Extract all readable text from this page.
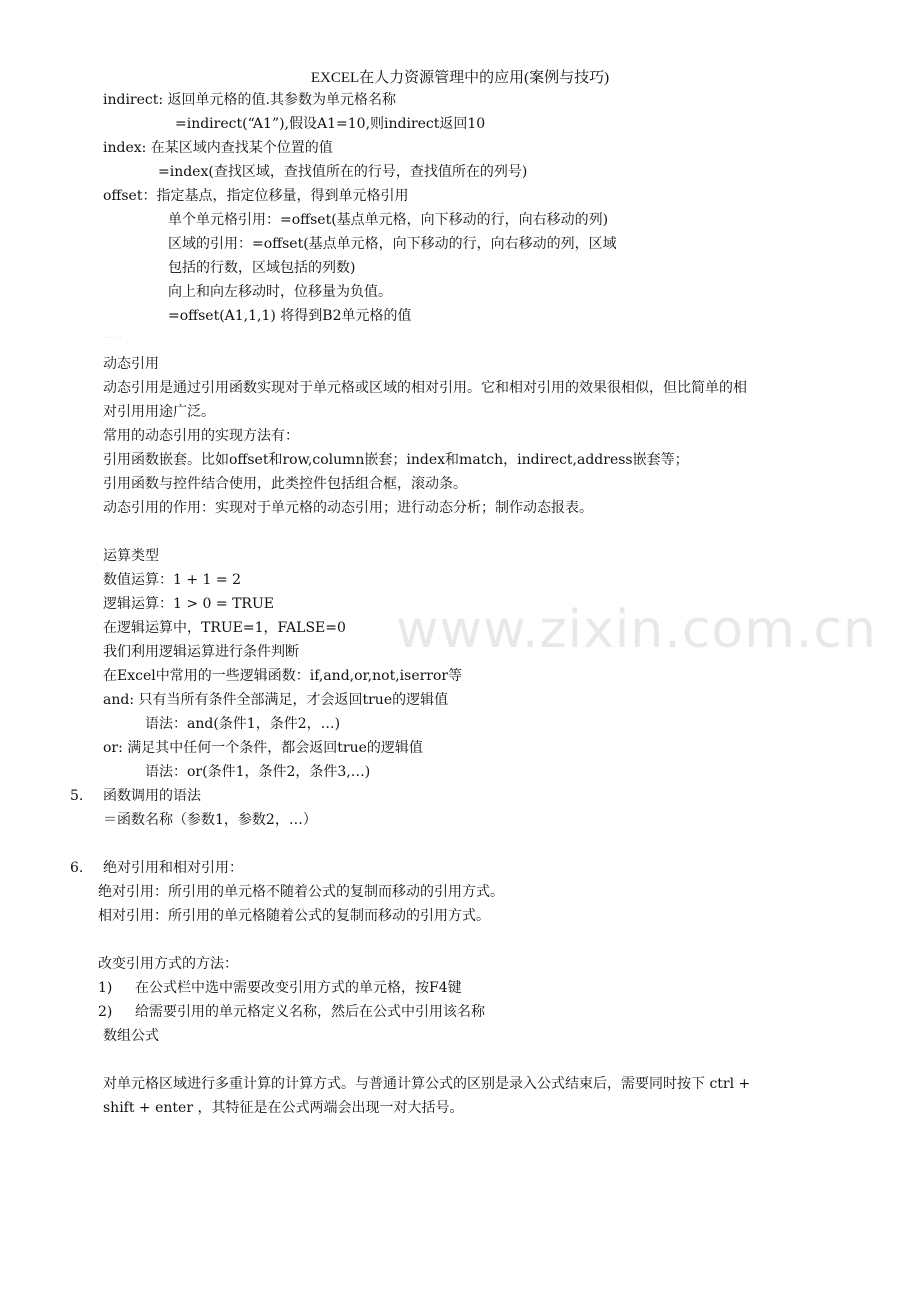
EXCEL在人力资源管理中的应用(案例与技巧)
indirect: 返回单元格的值.其参数为单元格名称
=indirect(“A1”),假设A1=10,则indirect返回10
index: 在某区域内查找某个位置的值
=index(查找区域，查找值所在的行号，查找值所在的列号)
offset：指定基点，指定位移量，得到单元格引用
单个单元格引用：=offset(基点单元格，向下移动的行，向右移动的列)
区域的引用：=offset(基点单元格，向下移动的行，向右移动的列，区域
包括的行数，区域包括的列数)
向上和向左移动时，位移量为负值。
=offset(A1,1,1) 将得到B2单元格的值
······
动态引用
动态引用是通过引用函数实现对于单元格或区域的相对引用。它和相对引用的效果很相似，但比简单的相
对引用用途广泛。
常用的动态引用的实现方法有：
引用函数嵌套。比如offset和row,column嵌套；index和match，indirect,address嵌套等；
引用函数与控件结合使用，此类控件包括组合框，滚动条。
动态引用的作用：实现对于单元格的动态引用；进行动态分析；制作动态报表。
运算类型
数值运算：1 + 1 = 2
逻辑运算：1 > 0 = TRUE
在逻辑运算中，TRUE=1，FALSE=0
我们利用逻辑运算进行条件判断
在Excel中常用的一些逻辑函数：if,and,or,not,iserror等
and: 只有当所有条件全部满足，才会返回true的逻辑值
语法：and(条件1，条件2，…)
or: 满足其中任何一个条件，都会返回true的逻辑值
语法：or(条件1，条件2，条件3,…)
5. 函数调用的语法
＝函数名称（参数1，参数2，…）
6. 绝对引用和相对引用：
绝对引用：所引用的单元格不随着公式的复制而移动的引用方式。
相对引用：所引用的单元格随着公式的复制而移动的引用方式。
改变引用方式的方法：
1) 在公式栏中选中需要改变引用方式的单元格，按F4键
2) 给需要引用的单元格定义名称，然后在公式中引用该名称
数组公式
对单元格区域进行多重计算的计算方式。与普通计算公式的区别是录入公式结束后，需要同时按下 ctrl +
shift + enter ，其特征是在公式两端会出现一对大括号。
www.zixin.com.cn
